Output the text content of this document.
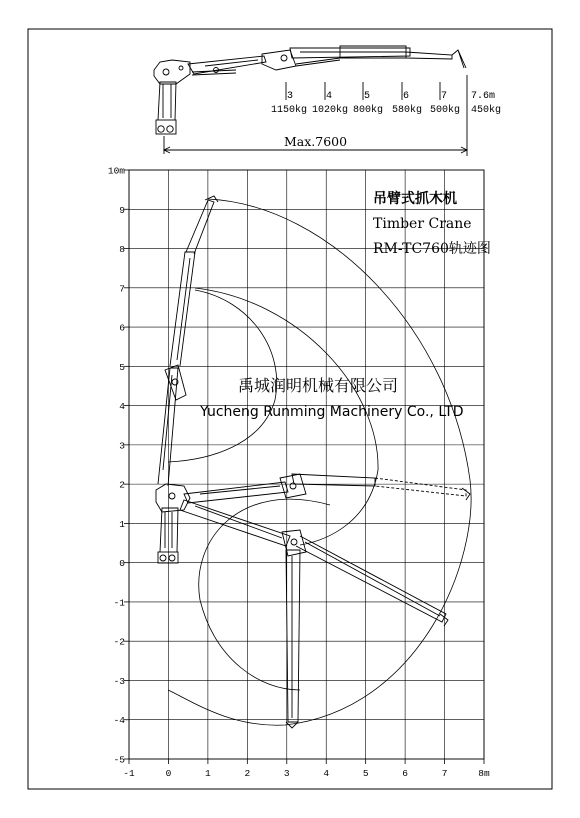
3
1150kg
4
1020kg
5
800kg
6
580kg
7
500kg
7.6m
450kg
Max.7600
-1	0	1	2	3	4	5	6	7	8m
10m
9
8
7
6
5
4
3
2
1
0
-1
-2
-3
-4
-5
吊臂式抓木机
Timber Crane
RM-TC760轨迹图
禹城润明机械有限公司
Yucheng Runming Machinery Co., LTD
